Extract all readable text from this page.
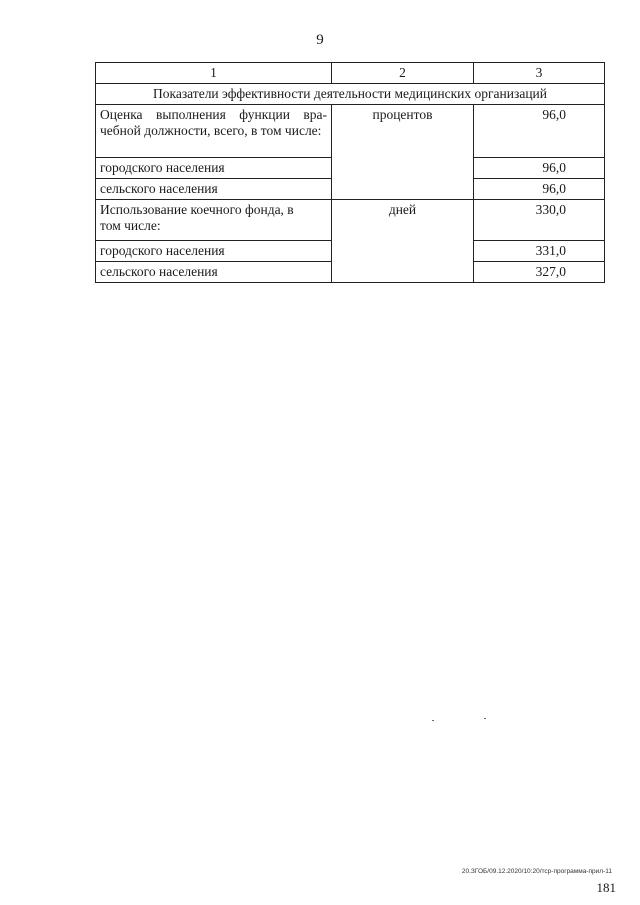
9
1	2	3
Показатели эффективности деятельности медицинских организаций		
Оценка выполнения функции врачебной должности, всего, в том числе:	процентов	96,0
городского населения		96,0
сельского населения		96,0

Использование коечного фонда, в том числе:	дней	330,0
городского населения		331,0
сельского населения		327,0
20.ЗГОБ/09.12.2020/10:20/тср-программа-прил-11
181
